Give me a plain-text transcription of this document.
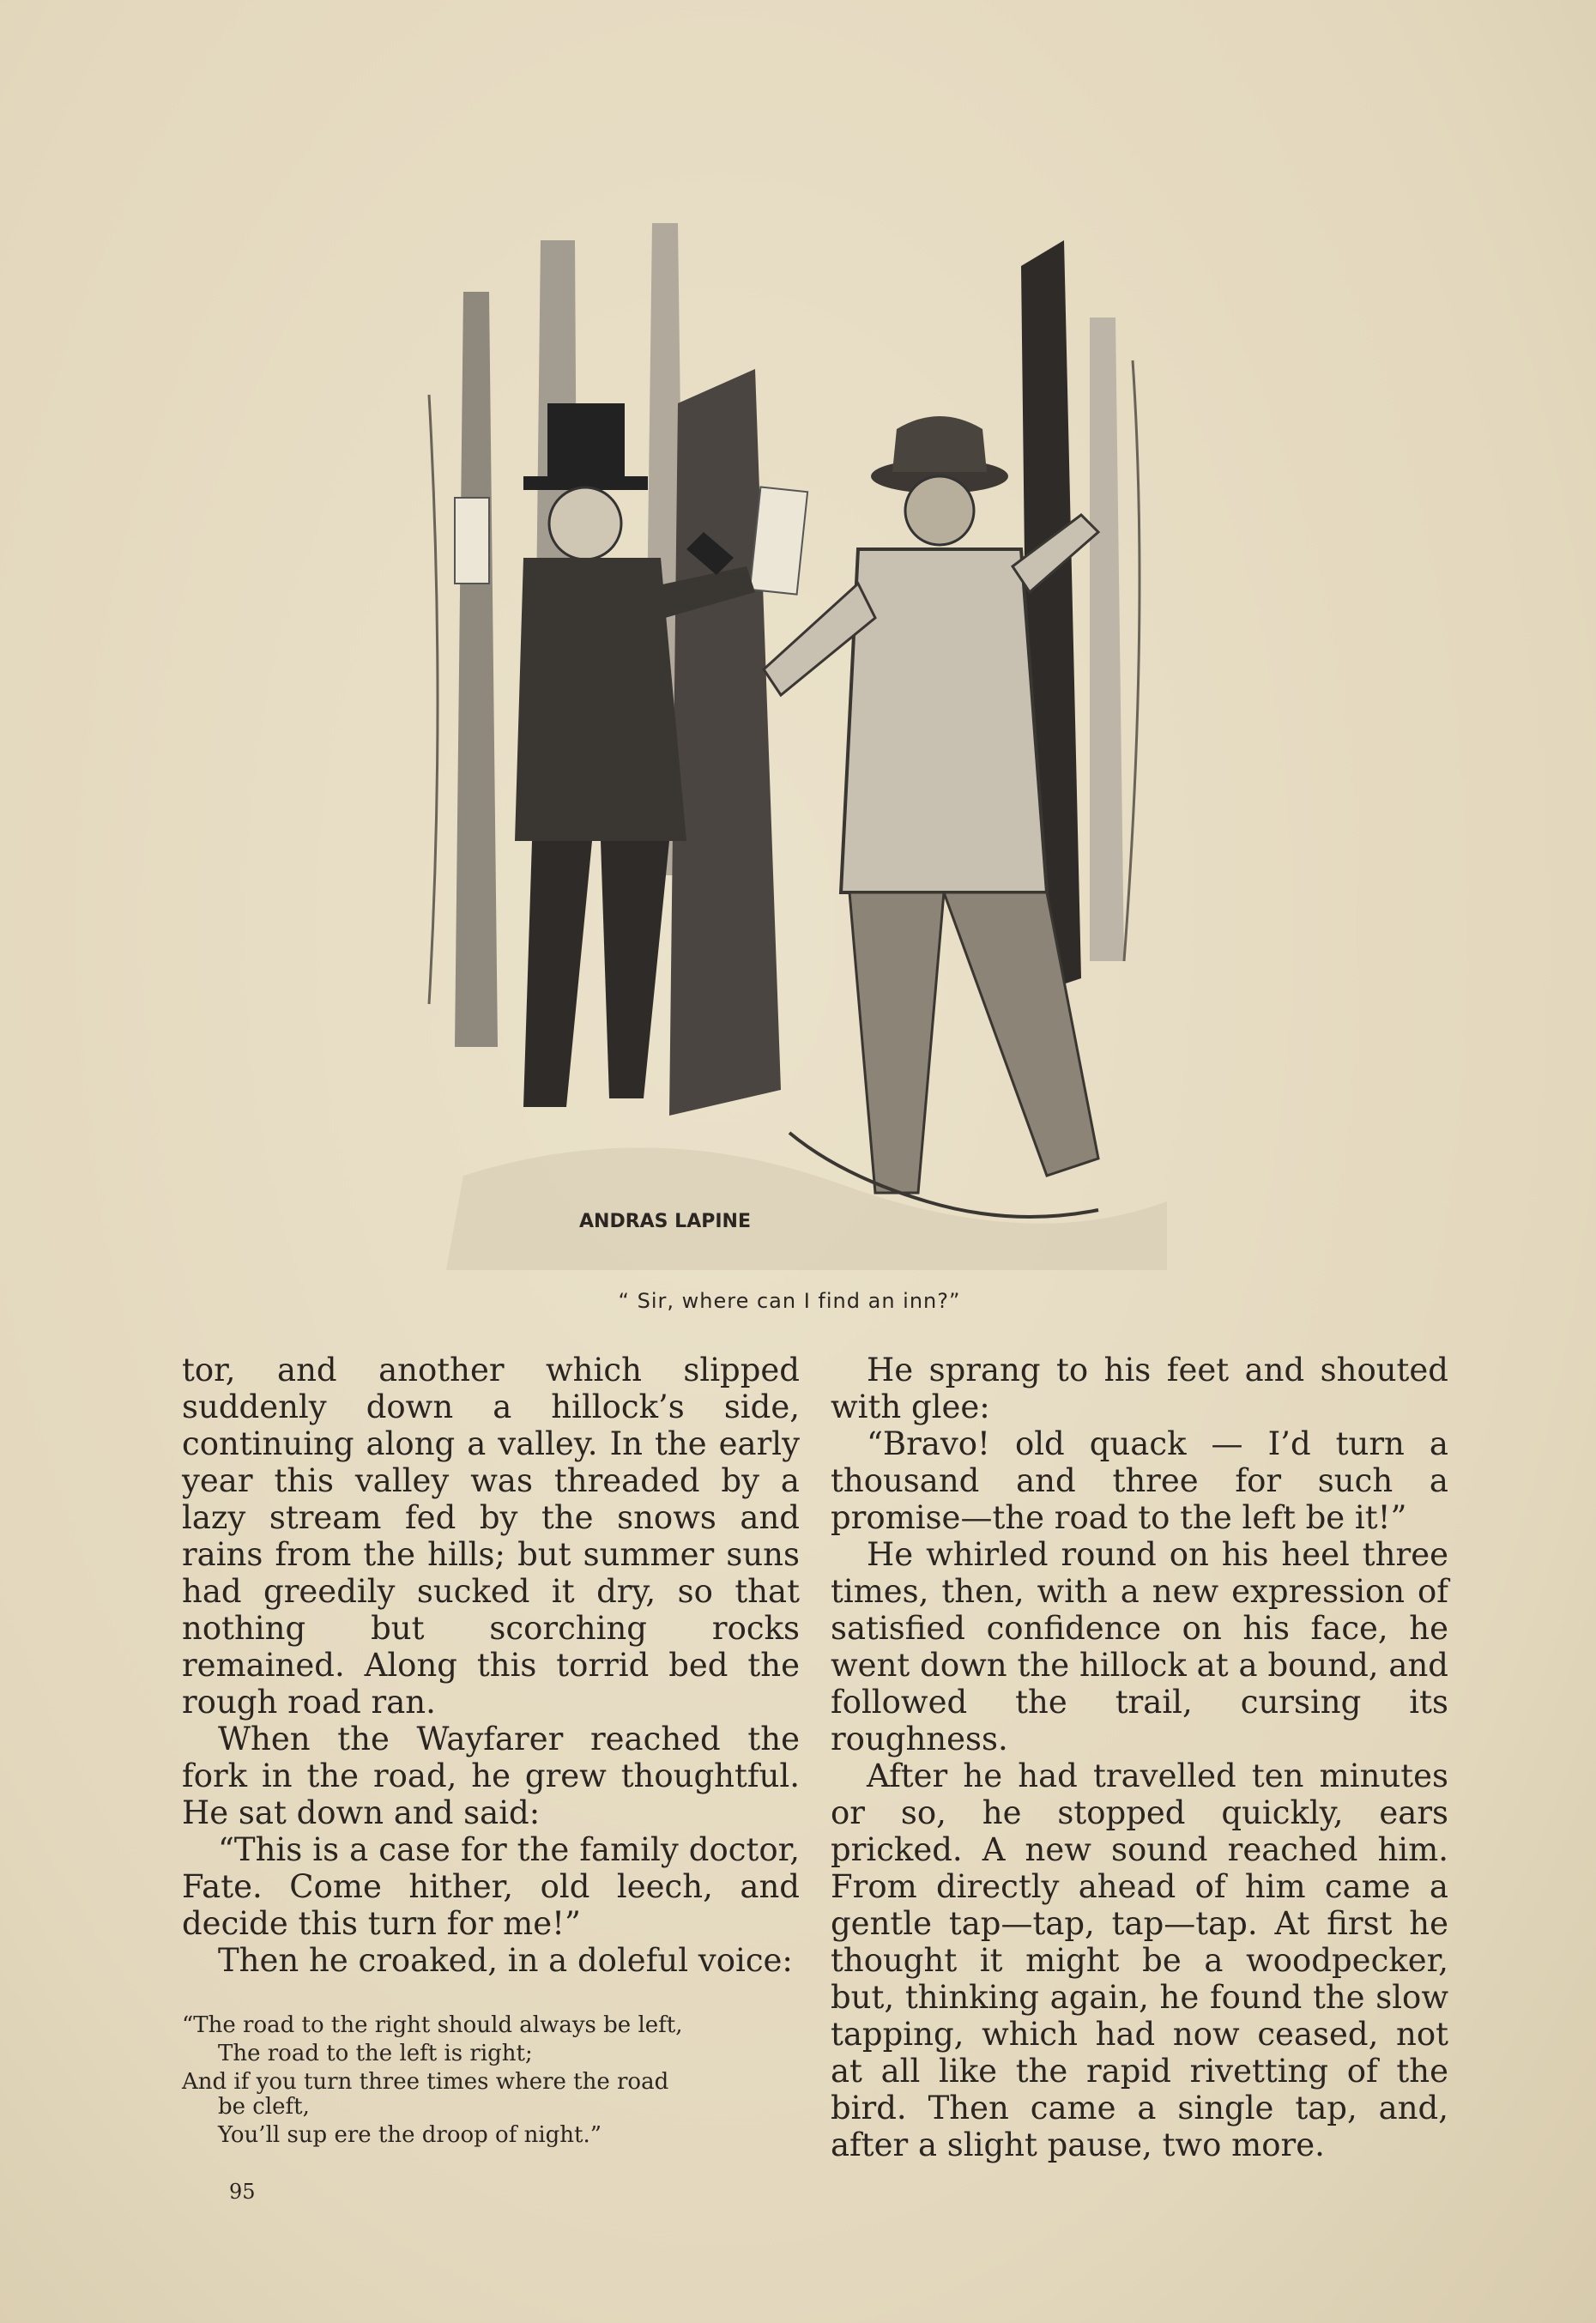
ANDRAS LAPINE
“ Sir, where can I find an inn?”

tor, and another which slipped suddenly down a hillock’s side, continuing along a valley. In the early year this valley was threaded by a lazy stream fed by the snows and rains from the hills; but summer suns had greedily sucked it dry, so that nothing but scorching rocks remained. Along this torrid bed the rough road ran.

When the Wayfarer reached the fork in the road, he grew thoughtful. He sat down and said:

“This is a case for the family doctor, Fate. Come hither, old leech, and decide this turn for me!”

Then he croaked, in a doleful voice:

“The road to the right should always be left,
The road to the left is right;
And if you turn three times where the road
be cleft,
You’ll sup ere the droop of night.”

He sprang to his feet and shouted with glee:

“Bravo! old quack — I’d turn a thousand and three for such a promise—the road to the left be it!”

He whirled round on his heel three times, then, with a new expression of satisfied confidence on his face, he went down the hillock at a bound, and followed the trail, cursing its roughness.

After he had travelled ten minutes or so, he stopped quickly, ears pricked. A new sound reached him. From directly ahead of him came a gentle tap—tap, tap—tap. At first he thought it might be a woodpecker, but, thinking again, he found the slow tapping, which had now ceased, not at all like the rapid rivetting of the bird. Then came a single tap, and, after a slight pause, two more.

95
